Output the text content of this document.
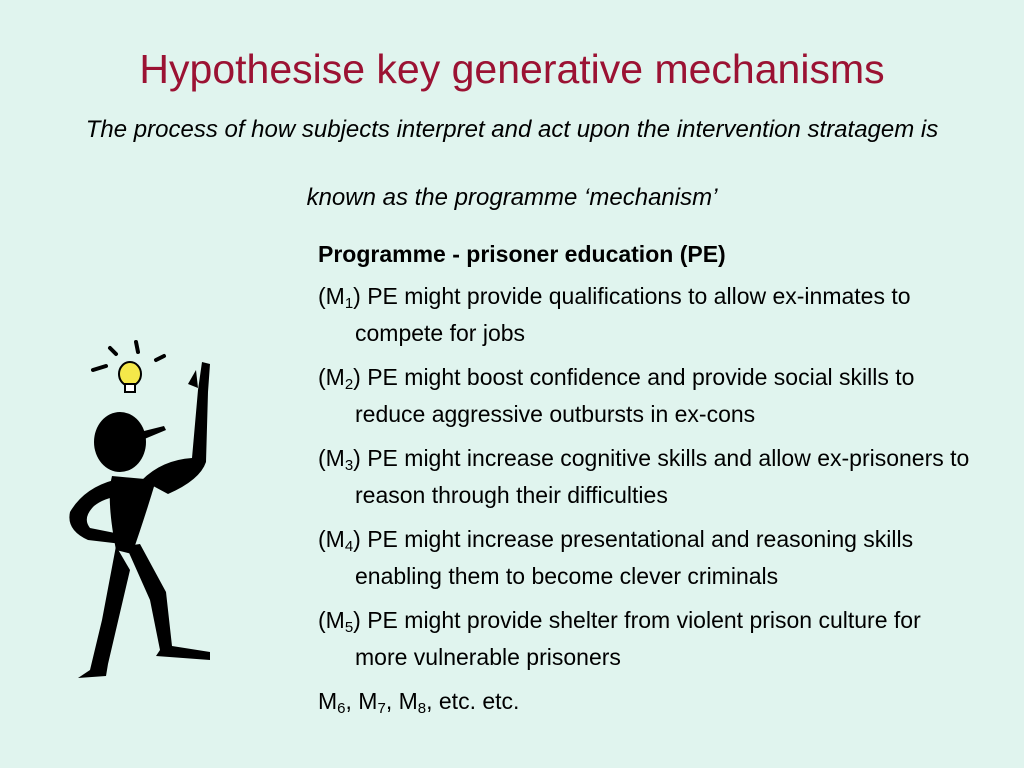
Hypothesise key generative mechanisms

The process of how subjects interpret and act upon the intervention stratagem is known as the programme ‘mechanism’

Programme - prisoner education (PE)

$(M_1)$ PE might provide qualifications to allow ex-inmates to compete for jobs

$(M_2)$ PE might boost confidence and provide social skills to reduce aggressive outbursts in ex-cons

$(M_3)$ PE might increase cognitive skills and allow ex-prisoners to reason through their difficulties

$(M_4)$ PE might increase presentational and reasoning skills enabling them to become clever criminals

$(M_5)$ PE might provide shelter from violent prison culture for more vulnerable prisoners

$M_6$, $M_7$, $M_8$, etc. etc.
